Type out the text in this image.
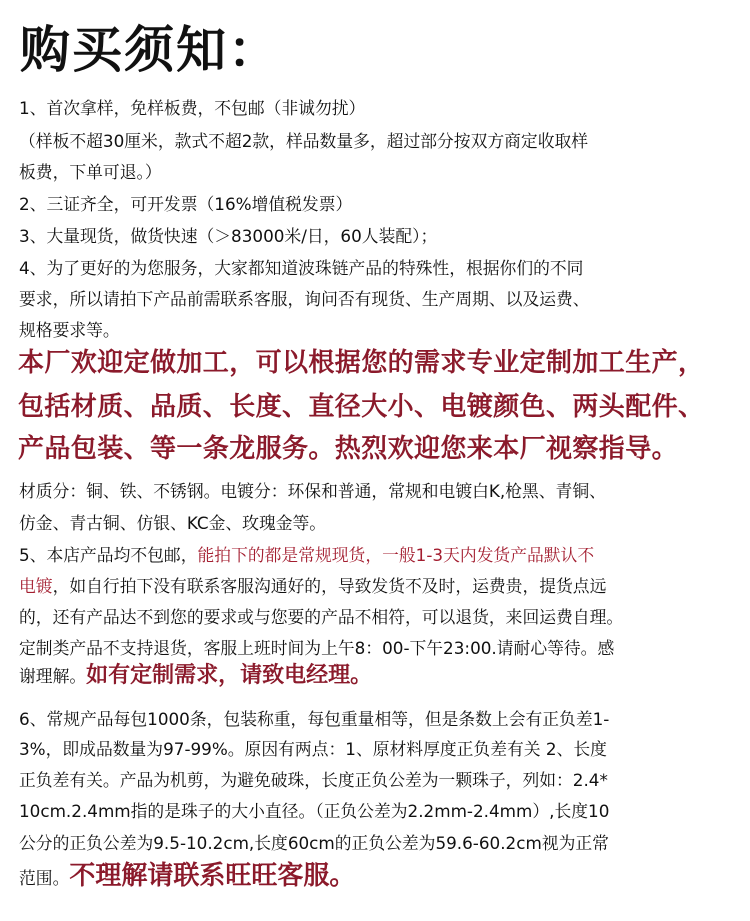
购买须知：
1、首次拿样，免样板费，不包邮（非诚勿扰）
（样板不超30厘米，款式不超2款，样品数量多，超过部分按双方商定收取样
板费，下单可退。）
2、三证齐全，可开发票（16%增值税发票）
3、大量现货，做货快速（＞83000米/日，60人装配）；
4、为了更好的为您服务，大家都知道波珠链产品的特殊性，根据你们的不同
要求，所以请拍下产品前需联系客服，询问否有现货、生产周期、以及运费、
规格要求等。
本厂欢迎定做加工，可以根据您的需求专业定制加工生产，
包括材质、品质、长度、直径大小、电镀颜色、两头配件、
产品包装、等一条龙服务。热烈欢迎您来本厂视察指导。
材质分：铜、铁、不锈钢。电镀分：环保和普通，常规和电镀白K,枪黑、青铜、
仿金、青古铜、仿银、KC金、玫瑰金等。
5、本店产品均不包邮，能拍下的都是常规现货，一般1-3天内发货产品默认不
电镀，如自行拍下没有联系客服沟通好的，导致发货不及时，运费贵，提货点远
的，还有产品达不到您的要求或与您要的产品不相符，可以退货，来回运费自理。
定制类产品不支持退货，客服上班时间为上午8：00-下午23:00.请耐心等待。感
谢理解。如有定制需求，请致电经理。
6、常规产品每包1000条，包装称重，每包重量相等，但是条数上会有正负差1-
3%，即成品数量为97-99%。原因有两点：1、原材料厚度正负差有关 2、长度
正负差有关。产品为机剪，为避免破珠，长度正负公差为一颗珠子，列如：2.4*
10cm.2.4mm指的是珠子的大小直径。（正负公差为2.2mm-2.4mm）,长度10
公分的正负公差为9.5-10.2cm,长度60cm的正负公差为59.6-60.2cm视为正常
范围。不理解请联系旺旺客服。
